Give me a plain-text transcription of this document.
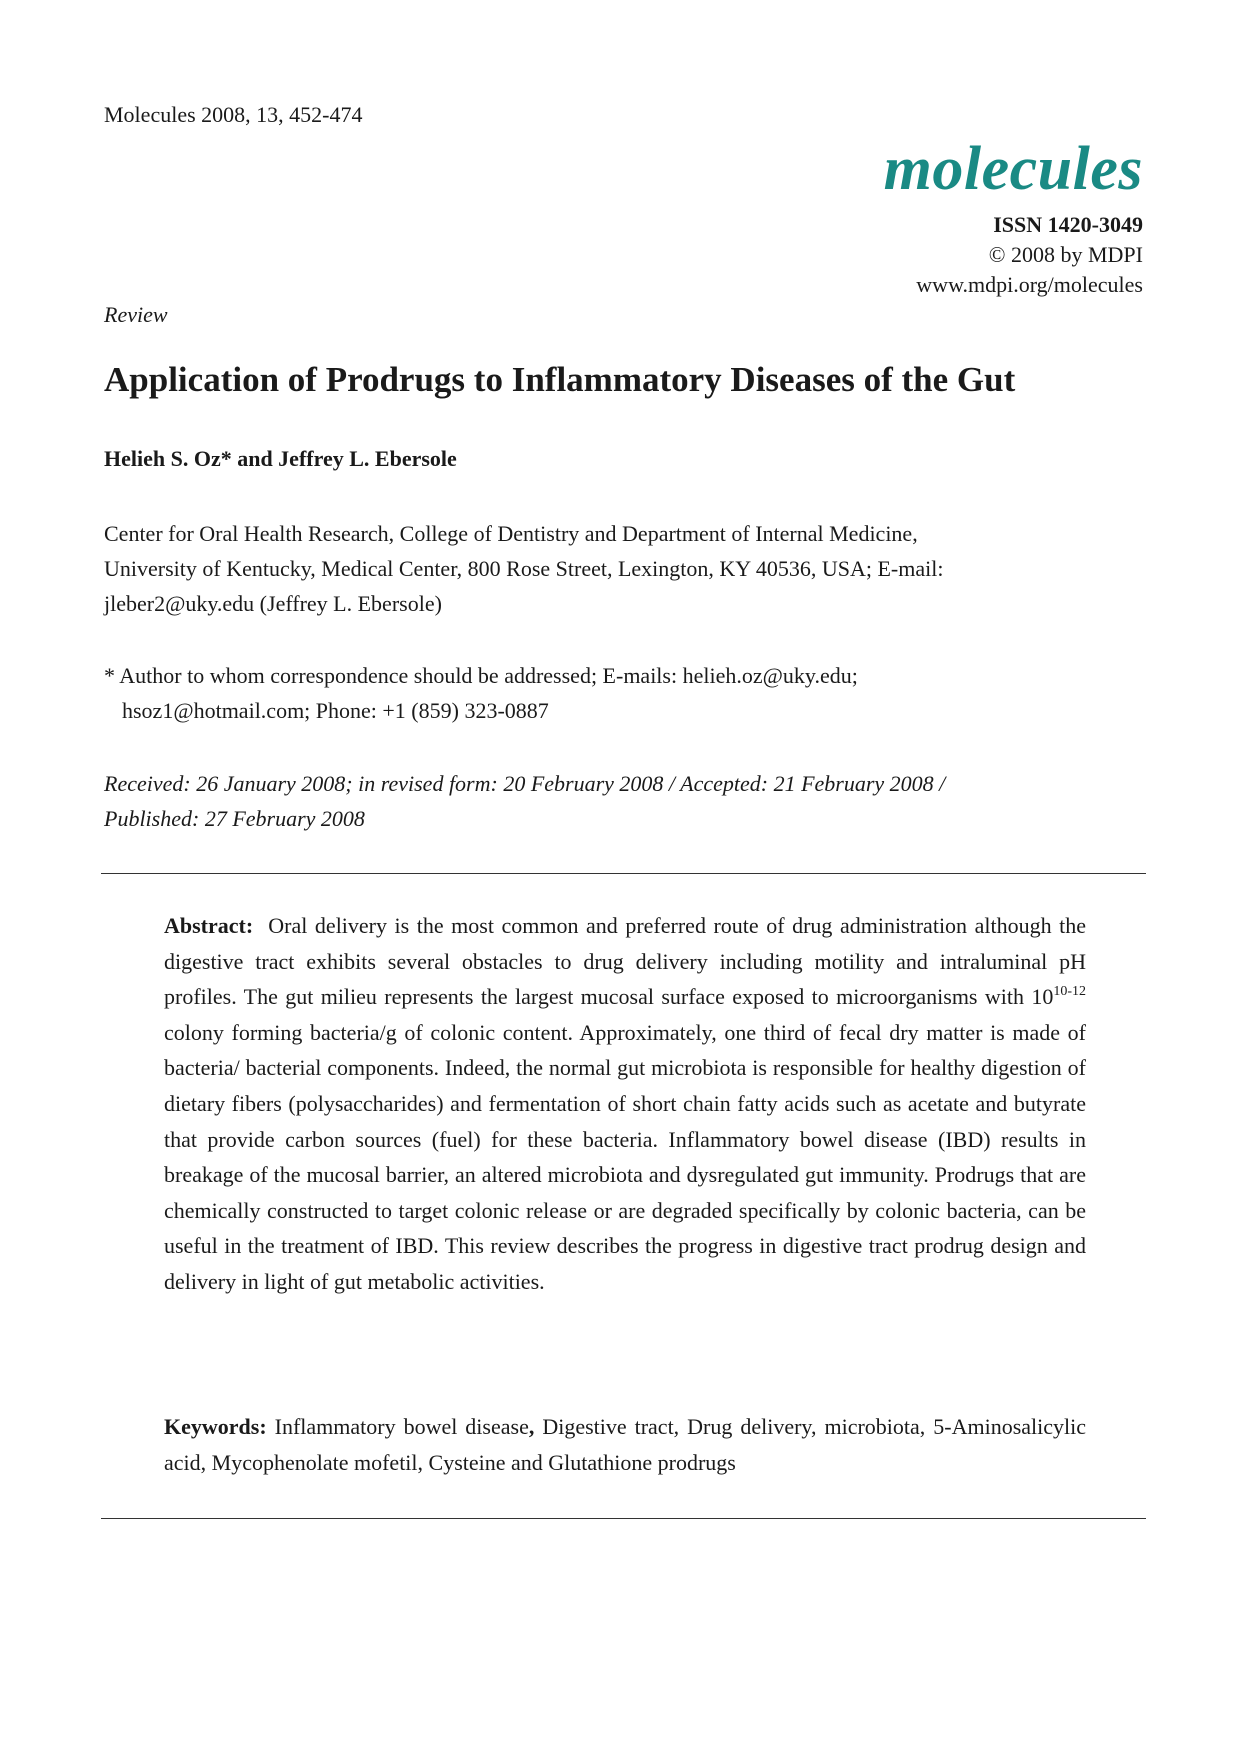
Molecules 2008, 13, 452-474
molecules
ISSN 1420-3049
© 2008 by MDPI
www.mdpi.org/molecules
Review
Application of Prodrugs to Inflammatory Diseases of the Gut
Helieh S. Oz* and Jeffrey L. Ebersole
Center for Oral Health Research, College of Dentistry and Department of Internal Medicine,
University of Kentucky, Medical Center, 800 Rose Street, Lexington, KY 40536, USA; E-mail:
jleber2@uky.edu (Jeffrey L. Ebersole)
* Author to whom correspondence should be addressed; E-mails: helieh.oz@uky.edu;
hsoz1@hotmail.com; Phone: +1 (859) 323-0887
Received: 26 January 2008; in revised form: 20 February 2008 / Accepted: 21 February 2008 /
Published: 27 February 2008
Abstract: Oral delivery is the most common and preferred route of drug administration although the digestive tract exhibits several obstacles to drug delivery including motility and intraluminal pH profiles. The gut milieu represents the largest mucosal surface exposed to microorganisms with 10$^{10-12}$ colony forming bacteria/g of colonic content. Approximately, one third of fecal dry matter is made of bacteria/ bacterial components. Indeed, the normal gut microbiota is responsible for healthy digestion of dietary fibers (polysaccharides) and fermentation of short chain fatty acids such as acetate and butyrate that provide carbon sources (fuel) for these bacteria. Inflammatory bowel disease (IBD) results in breakage of the mucosal barrier, an altered microbiota and dysregulated gut immunity. Prodrugs that are chemically constructed to target colonic release or are degraded specifically by colonic bacteria, can be useful in the treatment of IBD. This review describes the progress in digestive tract prodrug design and delivery in light of gut metabolic activities.
Keywords: Inflammatory bowel disease, Digestive tract, Drug delivery, microbiota, 5-Aminosalicylic acid, Mycophenolate mofetil, Cysteine and Glutathione prodrugs
